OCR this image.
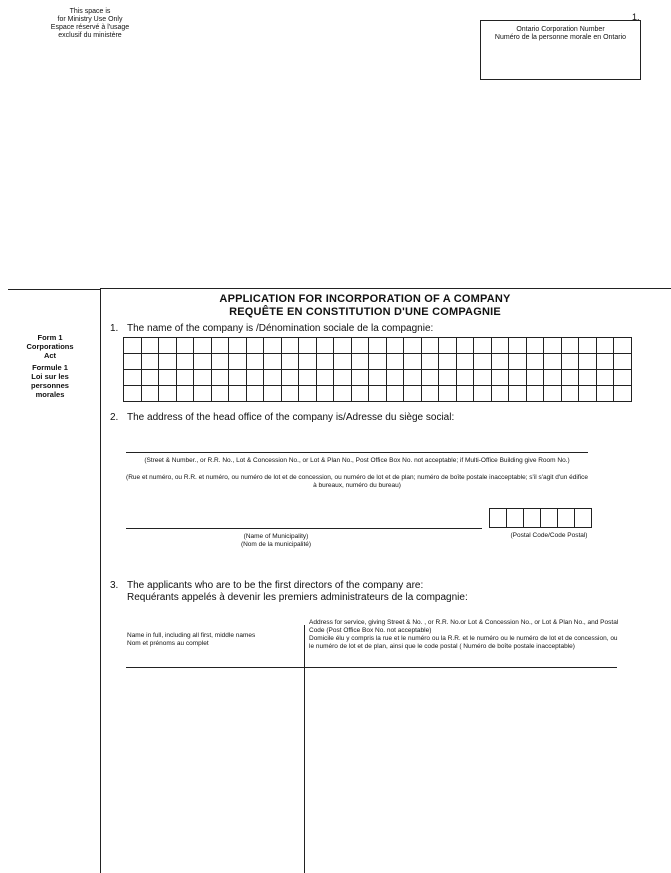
1.
This space is
for Ministry Use Only
Espace réservé à l'usage
exclusif du ministère
Ontario Corporation Number
Numéro de la personne morale en Ontario
Form 1
Corporations
Act
Formule 1
Loi sur les
personnes
morales
APPLICATION FOR INCORPORATION OF A COMPANY
REQUÊTE EN CONSTITUTION D'UNE COMPAGNIE
1. The name of the company is /Dénomination sociale de la compagnie:

2. The address of the head office of the company is/Adresse du siège social:
(Street & Number., or R.R. No., Lot & Concession No., or Lot & Plan No., Post Office Box No. not acceptable; if Multi-Office Building give Room No.)
(Rue et numéro, ou R.R. et numéro, ou numéro de lot et de concession, ou numéro de lot et de plan; numéro de boîte postale inacceptable; s'il s'agit d'un édifice à bureaux, numéro du bureau)

(Name of Municipality)
(Nom de la municipalité)
(Postal Code/Code Postal)
3. The applicants who are to be the first directors of the company are:
Requérants appelés à devenir les premiers administrateurs de la compagnie:
Name in full, including all first, middle names
Nom et prénoms au complet
Address for service, giving Street & No. , or R.R. No.or Lot & Concession No., or Lot & Plan No., and Postal Code (Post Office Box No. not acceptable)
Domicile élu y compris la rue et le numéro ou la R.R. et le numéro ou le numéro de lot et de concession, ou le numéro de lot et de plan, ainsi que le code postal ( Numéro de boîte postale inacceptable)
